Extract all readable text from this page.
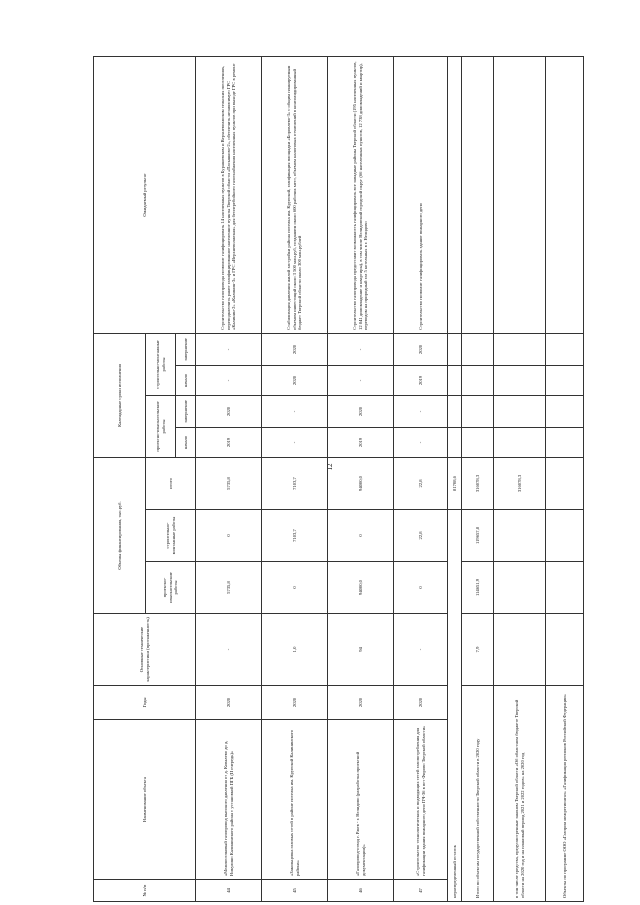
12
№ п/п	Наименование объекта	Годы	Основные технические характеристики (протяженность)	Объемы финансирования, тыс.руб.			Календарные сроки исполнения				Ожидаемый результат
				проектно-изыскательские работы	строительно-монтажные работы	итого	проектно-изыскательские работы		строительно-монтажные работы		
							начало	завершение	начало	завершение	
44	«Межпоселковый газопровод высокого давления от д. Ковалево до д. Никулино Калининского района с установкой ПГБ (II очередь)»	2020	-	5735,8	0	5735,8	2019	2020	-	-	Строительство газопровода позволит газифицировать 14 населенных пунктов в Бурашевском и Верхневолжском сельских поселениях, переподключить ранее газифицированное населенное пункты Тверской области «Пасынково-2», обеспечить независимую ГРС «Калинин-2» «Калинин-3» и ГРС «Верхневолжская» для бесперебойного газоснабжения населенных пунктов при выходе ГРС в ремонт
45	«Закольцовка газовых сетей в районе поселка им. Крупской Калининского района»	2020	1,0	0	7103,7	7103,7	-	-	2020	2020	Стабилизация давления жилой застройки района поселка им. Крупской, газификация площадки «Боровлево-3» с общим планируемым объемом инвестиций около 3 500 млн.руб, созданием около 600 рабочих мест, объемом налоговых отчислений в консолидированный бюджет Тверской области около 300 млн.рублей
46	«Газопровод-отвод г. Ржев - г. Нелидово (разработка проектной документации)»	2020	94	94000,0	0	94000,0	2019	2020	-	-	Строительство газопровода предоставит возможность газифицировать все западные районы Тверской области (195 населенных пунктов, 12 841 домовладение и квартиры), в том числе Нелидовский городской округ (66 населенных пунктов, 12 738 домовладений и квартир), переводом на природный газ 5 котельных в г. Нелидово
47	«Строительство технологических и подводящих сетей газопотребления для газификации здания пожарного депо ПЧ-36 в пгт Фирово Тверской области»	2020	-	0	22,8	22,8	-	-	2019	2020	Строительство позволит газифицировать здание пожарного депо
нераспределенный остаток						81708,6					
Итого по объектам государственной собственности Тверской области в 2020 году			7,9	114651,9	119657,8	316078,3					
в том числе средства, предусмотренные законом Тверской области «Об областном бюджете Тверской области на 2020 год и на плановый период 2021 и 2022 годов» на 2020 год						316078,3					
Объекты по программе ООО «Газпром межрегионгаз» «Газификация регионов Российской Федерации»											
